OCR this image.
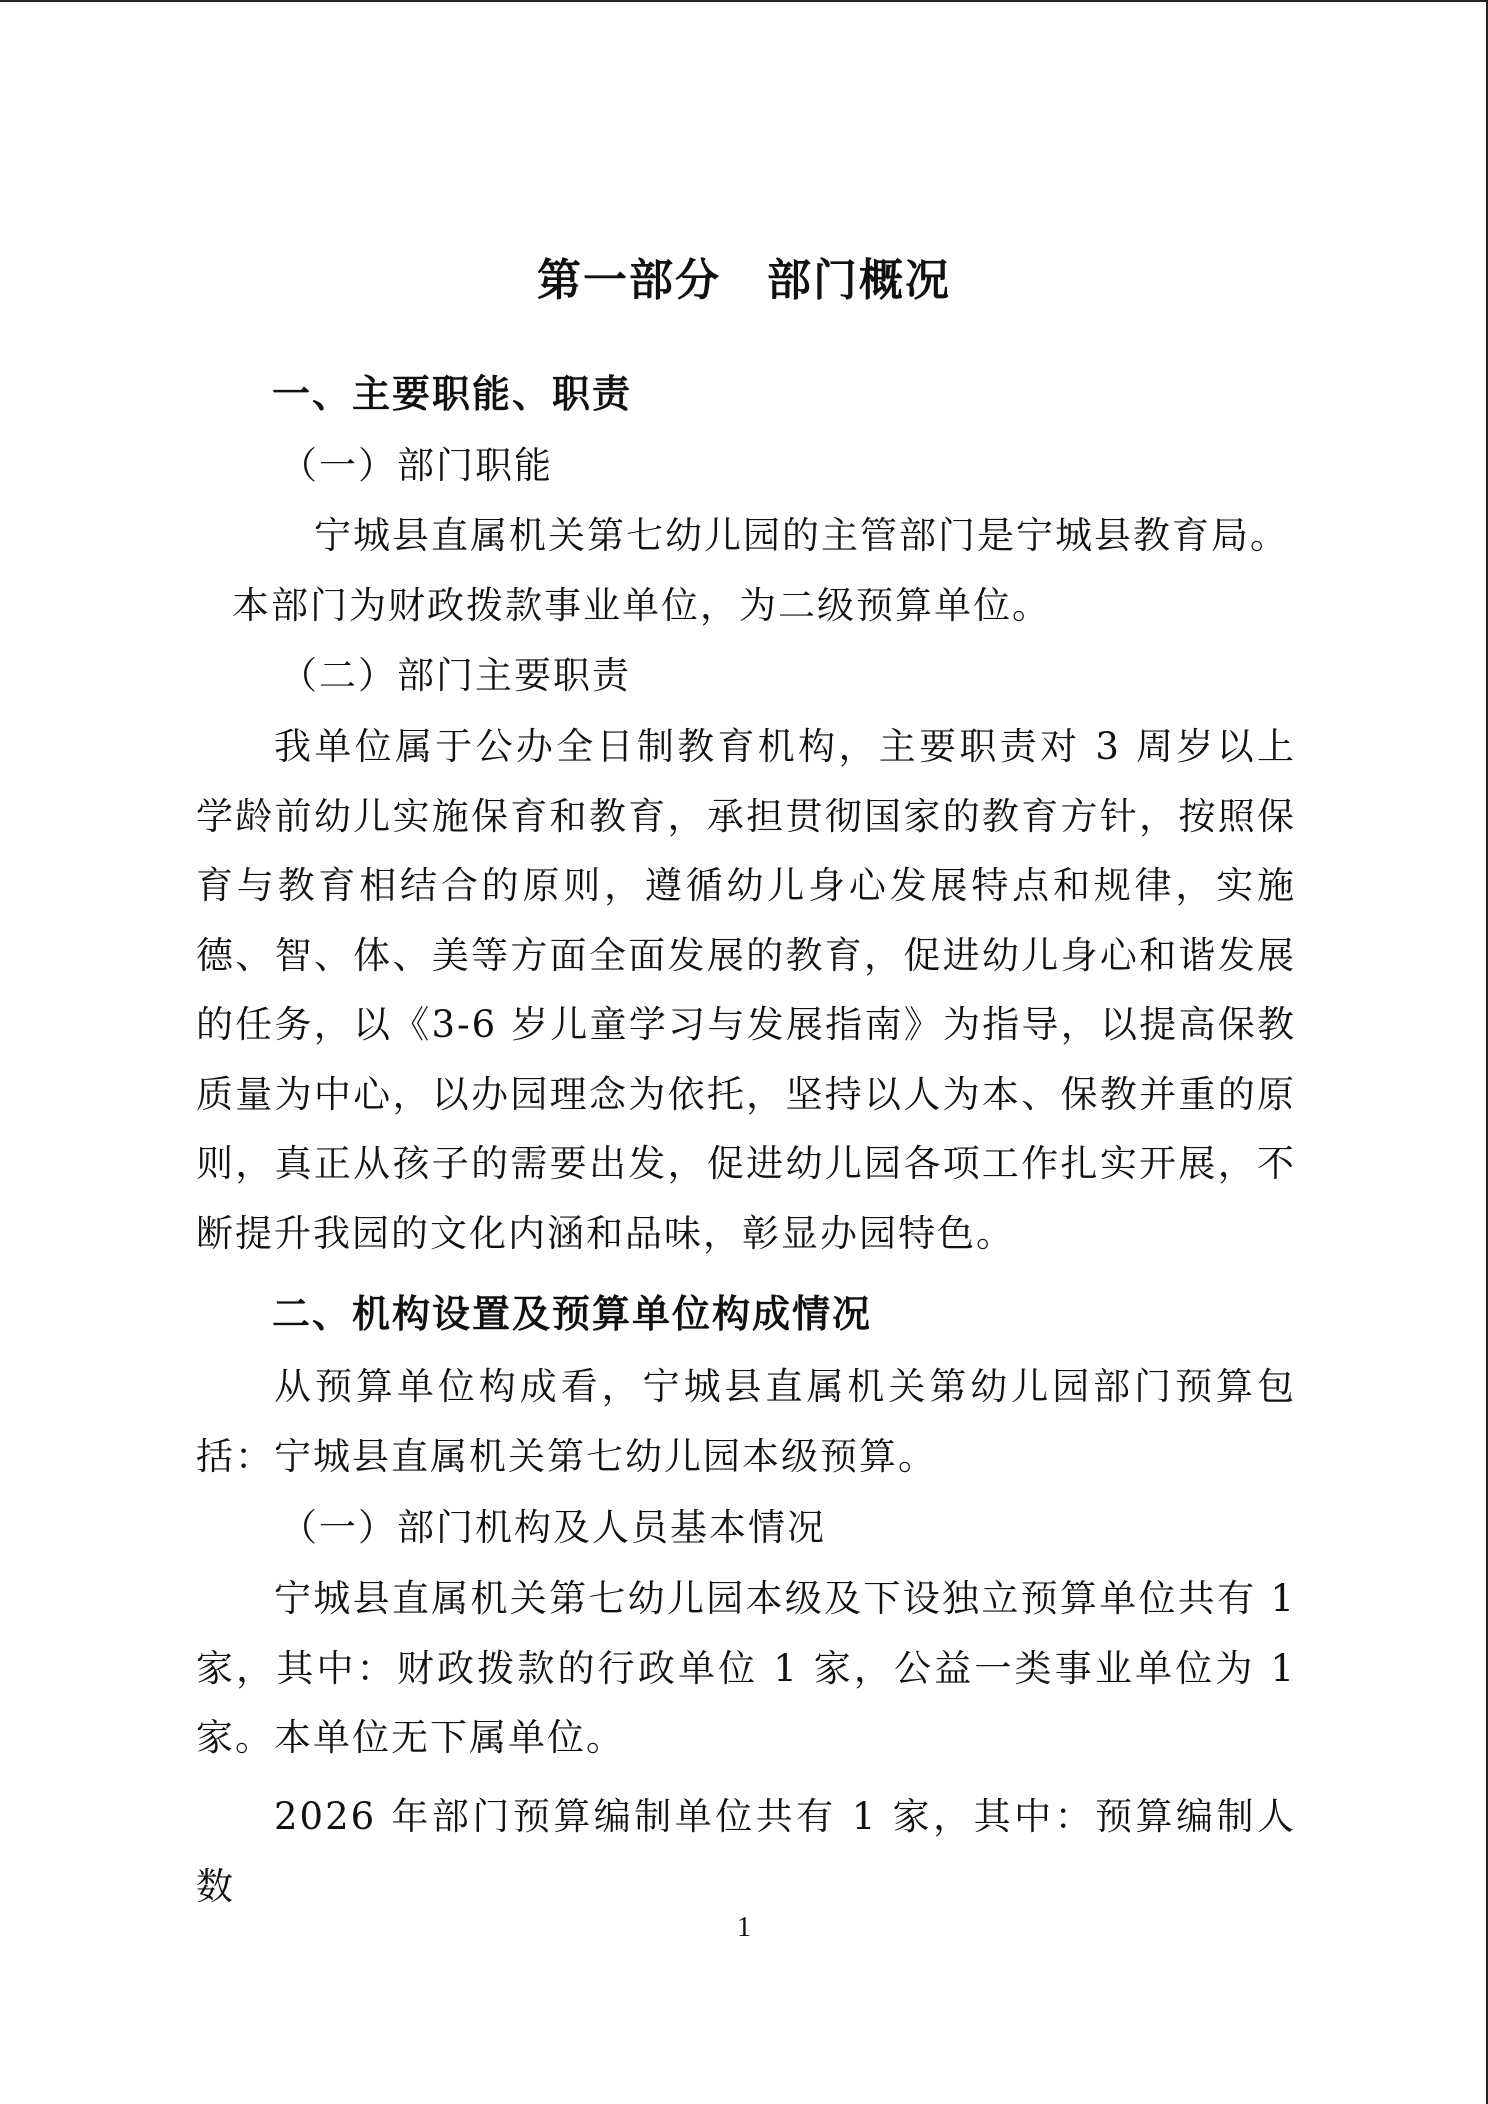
第一部分　部门概况
一、主要职能、职责
（一）部门职能
宁城县直属机关第七幼儿园的主管部门是宁城县教育局。
本部门为财政拨款事业单位，为二级预算单位。
（二）部门主要职责
我单位属于公办全日制教育机构，主要职责对 3 周岁以上学龄前幼儿实施保育和教育，承担贯彻国家的教育方针，按照保育与教育相结合的原则，遵循幼儿身心发展特点和规律，实施德、智、体、美等方面全面发展的教育，促进幼儿身心和谐发展的任务，以《3-6 岁儿童学习与发展指南》为指导，以提高保教质量为中心，以办园理念为依托，坚持以人为本、保教并重的原则，真正从孩子的需要出发，促进幼儿园各项工作扎实开展，不断提升我园的文化内涵和品味，彰显办园特色。
二、机构设置及预算单位构成情况
从预算单位构成看，宁城县直属机关第幼儿园部门预算包括：宁城县直属机关第七幼儿园本级预算。
（一）部门机构及人员基本情况
宁城县直属机关第七幼儿园本级及下设独立预算单位共有 1 家，其中：财政拨款的行政单位 1 家，公益一类事业单位为 1 家。本单位无下属单位。
2026 年部门预算编制单位共有 1 家，其中：预算编制人数
1
